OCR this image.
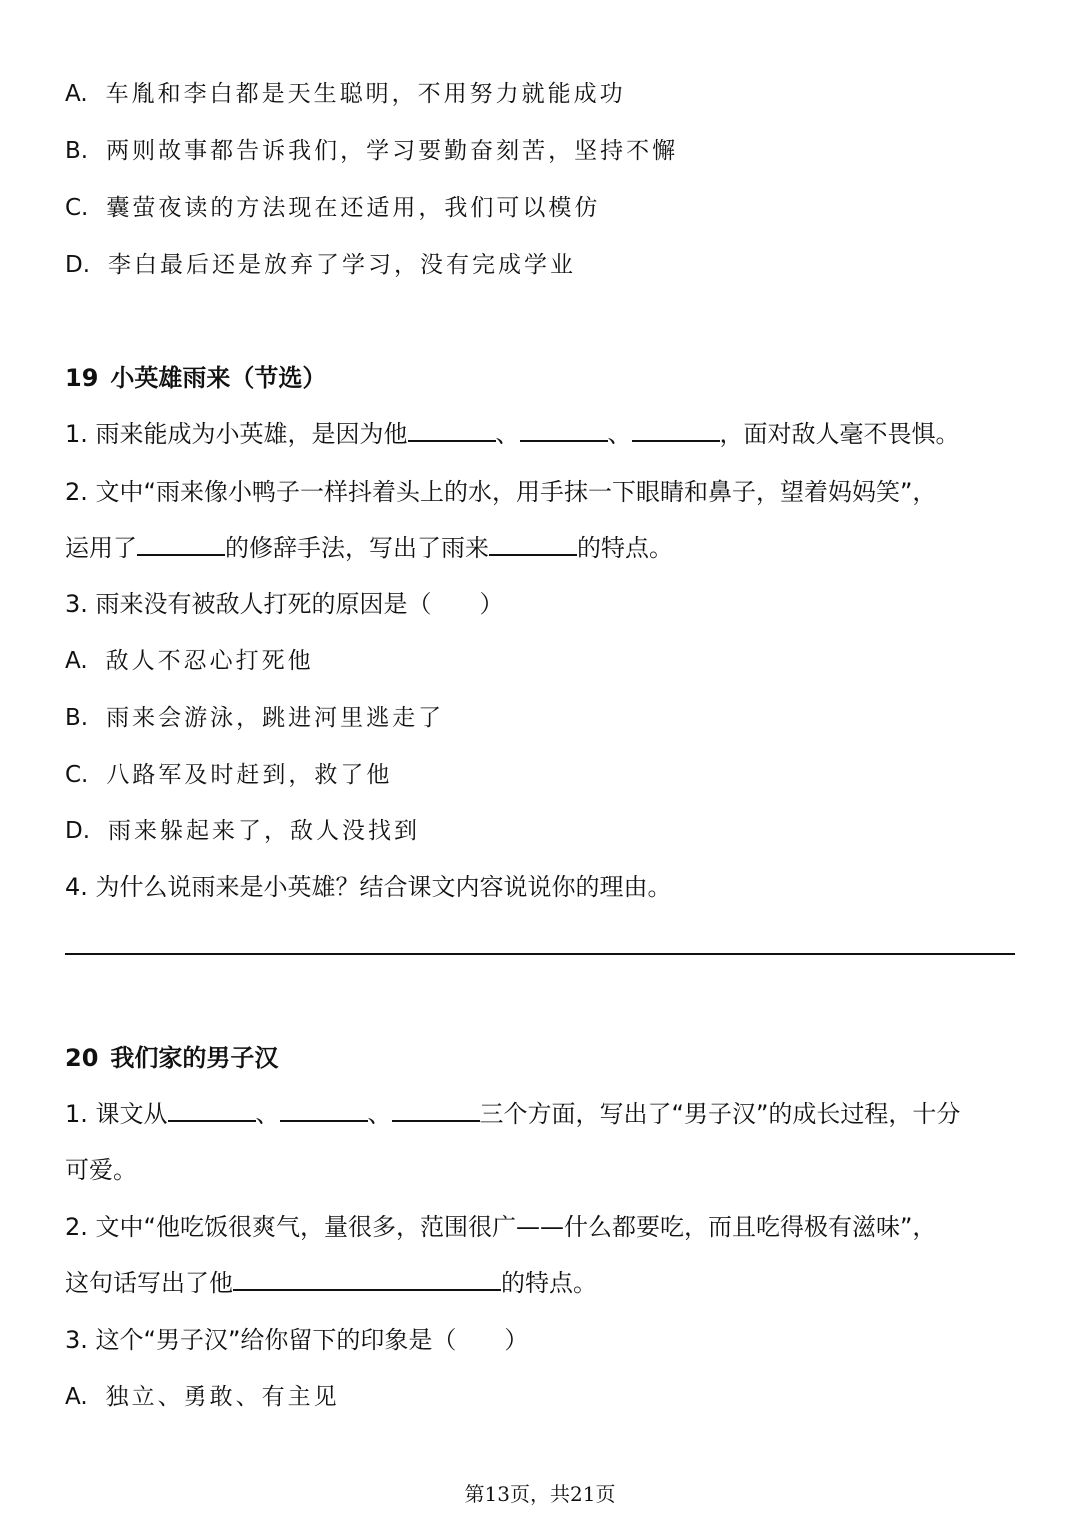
A. 车胤和李白都是天生聪明，不用努力就能成功
B. 两则故事都告诉我们，学习要勤奋刻苦，坚持不懈
C. 囊萤夜读的方法现在还适用，我们可以模仿
D. 李白最后还是放弃了学习，没有完成学业
19 小英雄雨来（节选）
1. 雨来能成为小英雄，是因为他	、	、	，面对敌人毫不畏惧。
2. 文中“雨来像小鸭子一样抖着头上的水，用手抹一下眼睛和鼻子，望着妈妈笑”，
运用了	的修辞手法，写出了雨来	的特点。
3. 雨来没有被敌人打死的原因是（　　）
A. 敌人不忍心打死他
B. 雨来会游泳，跳进河里逃走了
C. 八路军及时赶到，救了他
D. 雨来躲起来了，敌人没找到
4. 为什么说雨来是小英雄？结合课文内容说说你的理由。
20 我们家的男子汉
1. 课文从	、	、	三个方面，写出了“男子汉”的成长过程，十分
可爱。
2. 文中“他吃饭很爽气，量很多，范围很广——什么都要吃，而且吃得极有滋味”，
这句话写出了他	的特点。
3. 这个“男子汉”给你留下的印象是（　　）
A. 独立、勇敢、有主见
第13页，共21页
